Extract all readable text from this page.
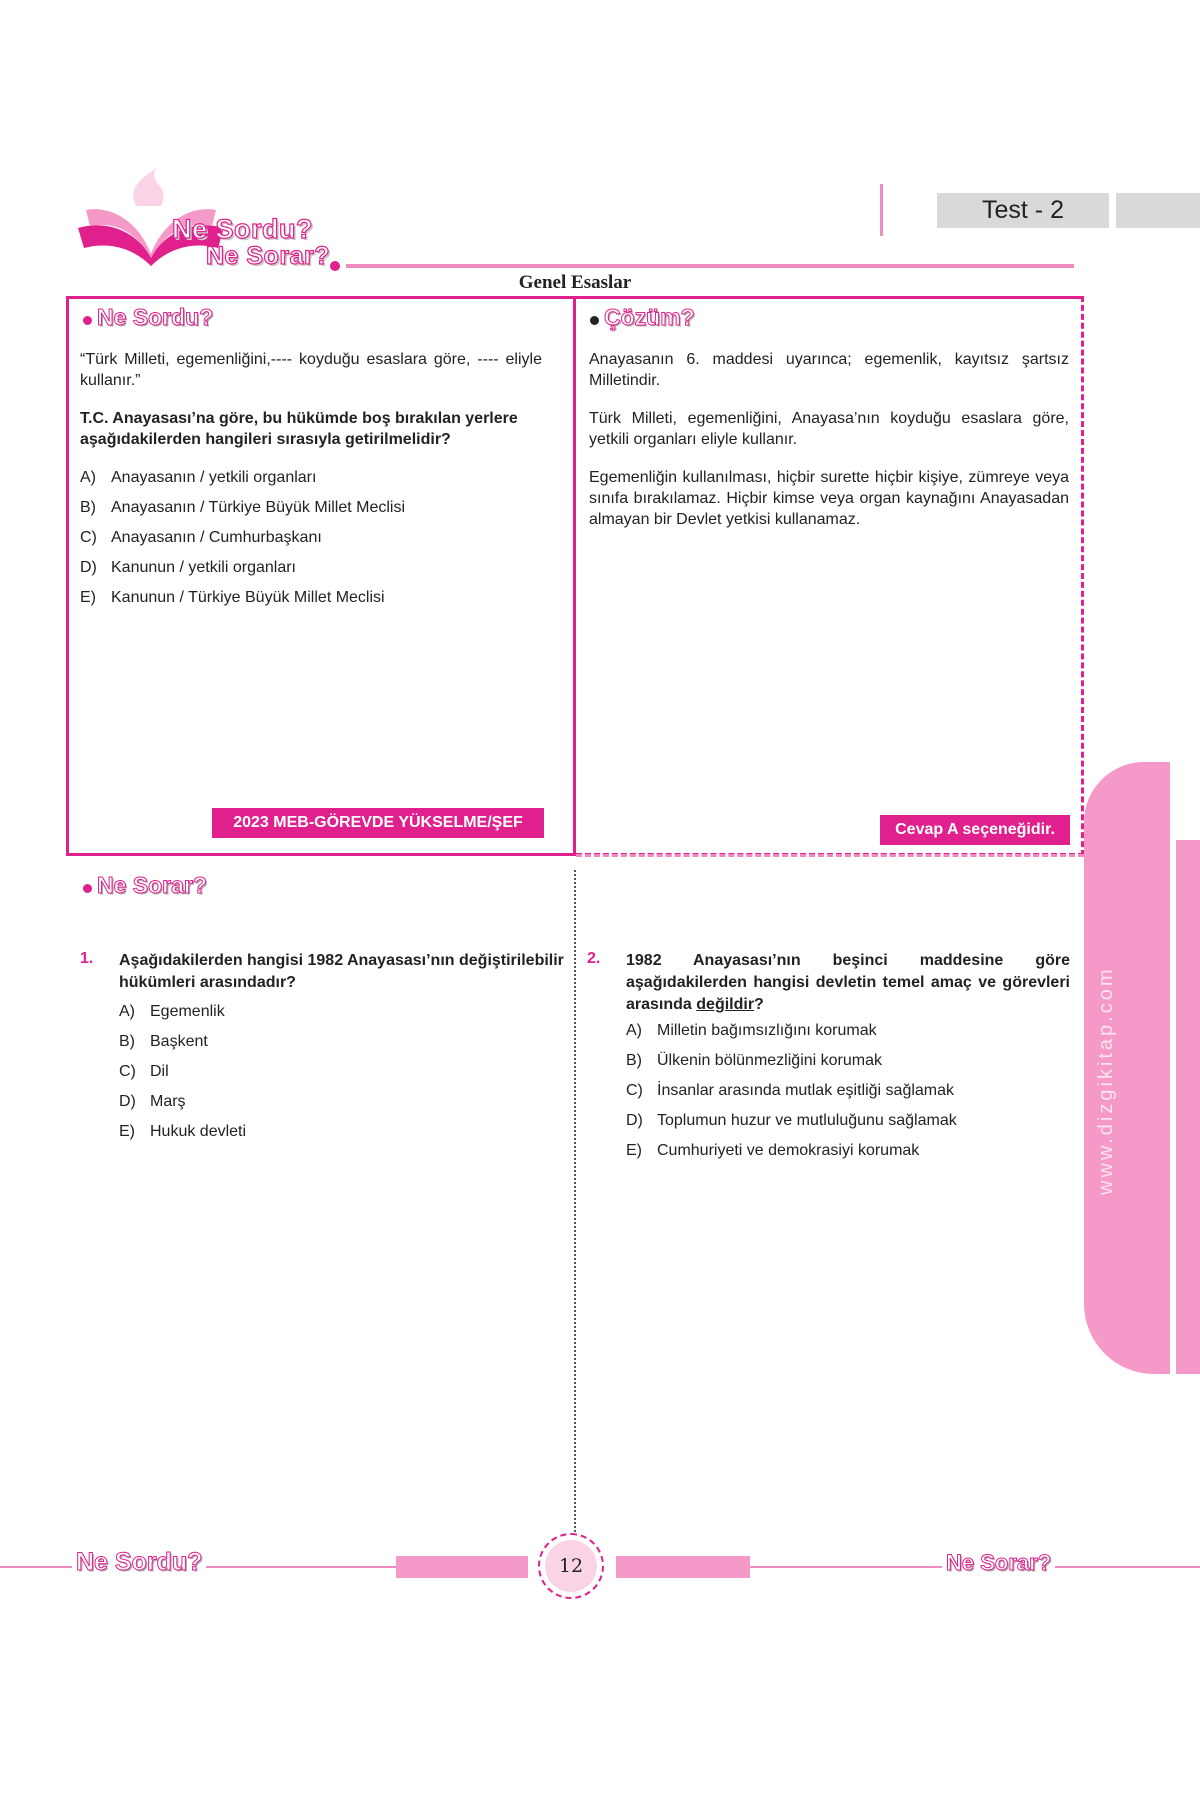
Ne Sordu?
Ne Sorar?
Test - 2
Genel Esaslar
Ne Sordu?

“Türk Milleti, egemenliğini,---- koyduğu esaslara göre, ---- eliyle kullanır.”

T.C. Anayasası’na göre, bu hükümde boş bırakılan yerlere aşağıdakilerden hangileri sırasıyla getirilmelidir?

A) Anayasanın / yetkili organları
B) Anayasanın / Türkiye Büyük Millet Meclisi
C) Anayasanın / Cumhurbaşkanı
D) Kanunun / yetkili organları
E) Kanunun / Türkiye Büyük Millet Meclisi
2023 MEB-GÖREVDE YÜKSELME/ŞEF
Çözüm?

Anayasanın 6. maddesi uyarınca; egemenlik, kayıtsız şartsız Milletindir.

Türk Milleti, egemenliğini, Anayasa’nın koyduğu esaslara göre, yetkili organları eliyle kullanır.

Egemenliğin kullanılması, hiçbir surette hiçbir kişiye, zümreye veya sınıfa bırakılamaz. Hiçbir kimse veya organ kaynağını Anayasadan almayan bir Devlet yetkisi kullanamaz.

Cevap A seçeneğidir.
Ne Sorar?
1. Aşağıdakilerden hangisi 1982 Anayasası’nın değiştirilebilir hükümleri arasındadır?
A) Egemenlik
B) Başkent
C) Dil
D) Marş
E) Hukuk devleti
2. 1982 Anayasası’nın beşinci maddesine göre aşağıdakilerden hangisi devletin temel amaç ve görevleri arasında değildir?
A) Milletin bağımsızlığını korumak
B) Ülkenin bölünmezliğini korumak
C) İnsanlar arasında mutlak eşitliği sağlamak
D) Toplumun huzur ve mutluluğunu sağlamak
E) Cumhuriyeti ve demokrasiyi korumak	www.dizgikitap.com
Ne Sordu?	Ne Sorar?
12
